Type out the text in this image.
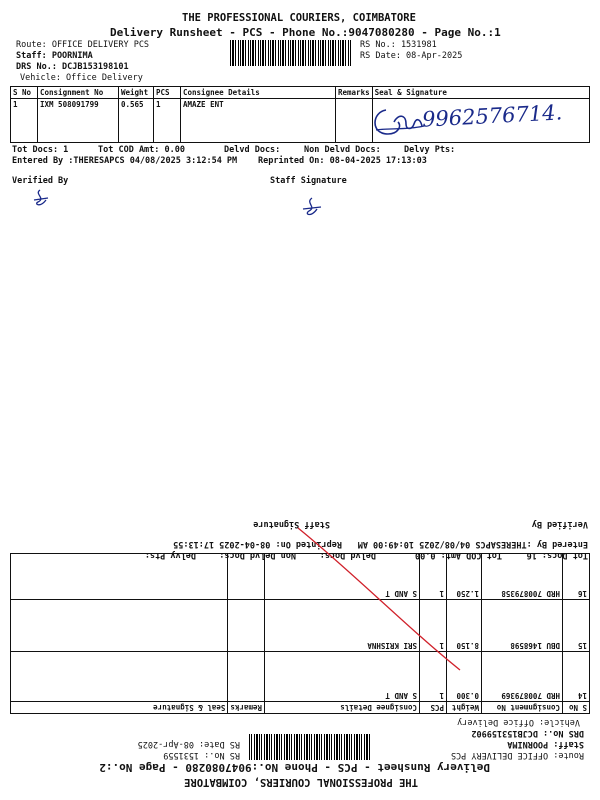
THE PROFESSIONAL COURIERS, COIMBATORE
Delivery Runsheet - PCS - Phone No.:9047080280 - Page No.:1
Route: OFFICE DELIVERY PCS
Staff: POORNIMA
DRS No.: DCJB153198101
Vehicle: Office Delivery
RS No.: 1531981
RS Date: 08-Apr-2025
S No	Consignment No	Weight	PCS	Consignee Details	Remarks	Seal & Signature
1	IXM 508091799	0.565	1	AMAZE ENT			9962576714.
Tot Docs: 1	Tot COD Amt: 0.00	Delvd Docs:	Non Delvd Docs:	Delvy Pts:
Entered By :THERESAPCS 04/08/2025 3:12:54 PM Reprinted On: 08-04-2025 17:13:03
Verified By	Staff Signature
THE PROFESSIONAL COURIERS, COIMBATORE
Delivery Runsheet - PCS - Phone No.:9047080280 - Page No.:2
Route: OFFICE DELIVERY PCS
Staff: POORNIMA
DRS No.: DCJB153159902
Vehicle: Office Delivery
RS No.: 1531559
RS Date: 08-Apr-2025
S No	Consignment No	Weight	PCS	Consignee Details	Remarks	Seal & Signature
14	HRD 700879369	0.300	1	S AND T		
15	DBU 1468598	8.150	1	SRI KRISHNA		
16	HRD 700879358	1.250	1	S AND T		
Tot Docs: 16
Tot COD Amt: 0.00
Delvd Docs:
Non Delvd Docs:
Delvy Pts:
Entered By :THERESAPCS 04/08/2025 10:49:00 AM
Reprinted On: 08-04-2025 17:13:55
Verified By
Staff Signature
